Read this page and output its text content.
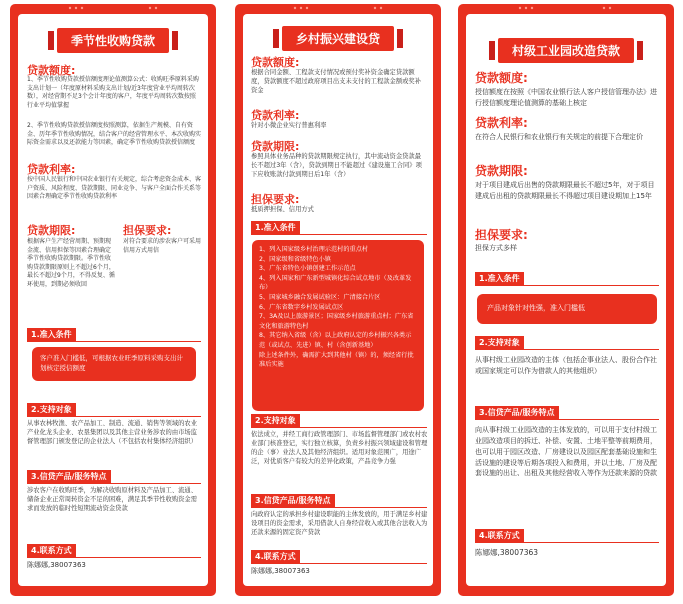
季节性收购贷款
贷款额度:
1、季节性收购贷款授信额度理论值测算公式：收购旺季原料采购支出计划一（年度原材料采购支出计划/近3年度营业平均周转次数），对经营期不足3个会计年度的客户，年度平均周转次数按照行业平均值掌握
2、季节性收购贷款授信额度按照测算，依据生产规模、自有资金、历年季节性收购情况，结合客户的经营管理水平、本次收购实际资金需求以及还款能力等因素，确定季节性收购贷款授信额度
贷款利率:
按中国人民银行和中国农业银行有关规定，综合考虑资金成本、客户资质、风险程度、贷款期限、同业竞争、与客户全面合作关系等因素合理确定季节性收购贷款利率
贷款期限:
根据客户生产经营周期、预期现金流、信用担保等因素合理确定季节性收购贷款期限。季节性收购贷款期限原则上不超过6个月，最长不超过9个月，不得反复、循环使用，到期必须收回
担保要求:
对符合要求的涉农客户可采用信用方式用信
1.准入条件
客户准入门槛低，可根据农业旺季原料采购支出计划核定授信额度
2.支持对象
从事农林牧渔、农产品加工、制造、流通、销售等领域的农业产业化龙头企业、农垦集团以及其他主营业务涉农的由市场监督管理部门颁发登记的企业法人（不包括农村集体经济组织）
3.信贷产品/服务特点
涉农客户在收购旺季，为解决收购原材料及产品加工、流通、储备企业正常周转资金不足的困难，满足其季节性收购资金需求而发放的临时性短期流动资金贷款
4.联系方式
陈娜娜,38007363
乡村振兴建设贷
贷款额度:
根据合同金额、工程款支付情况或预付奖补资金确定贷款额度，贷款额度不超过政府项目出支未支付的工程款金额或奖补资金
贷款利率:
针对小微企业实行普惠利率
贷款期限:
参照具体业务品种的贷款期限规定执行，其中流动资金贷款最长不超过3年（含），贷款到期日不能超过《建设施工合同》项下应收账款付款到期日后1年（含）
担保要求:
抵质押担保、信用方式
1.准入条件
1、列入国家级乡村治理示范村的重点村
2、国家级和省级特色小镇
3、广东省特色小镇创建工作示范点
4、列入国家和广东新型城镇化综合试点地市（及改革发布）
5、国家城乡融合发展试验区：广清接合片区
6、广东省数字乡村发展试点区
7、3A及以上旅游景区；国家级乡村旅游重点村；广东省文化和旅游特色村
8、其它纳入省级（含）以上政府认定的乡村振兴各类示范（或试点、先进）镇、村（含创新基地）
除上述条件外，确需扩大到其他村（镇）的，须经省行批准后实施
2.支持对象
依法成立，并经工商行政管理部门、市场监督管理部门或农村农业部门核准登记，实行独立核算，负责乡村振兴领域建设和管理的企（事）业法人及其他经济组织。适用对象范围广，用途广泛，对优质客户有较大的差异化政策，产品竞争力强
3.信贷产品/服务特点
向政府认定的承担乡村建设职能的主体发放的，用于满足乡村建设项目的资金需求，采用借款人自身经营收入或其他合法收入为还款来源的固定资产贷款
4.联系方式
陈娜娜,38007363
村级工业园改造贷款
贷款额度:
授信额度在按照《中国农业银行法人客户授信管理办法》进行授信额度理论值测算的基础上核定
贷款利率:
在符合人民银行和农业银行有关规定的前提下合理定价
贷款期限:
对于项目建成后出售的贷款期限最长不超过5年，对于项目建成后出租的贷款期限最长不得超过项目建设期加上15年
担保要求:
担保方式多样
1.准入条件
产品对象针对性强，准入门槛低
2.支持对象
从事村级工业园改造的主体（包括企事业法人、股份合作社或国家规定可以作为借款人的其他组织）
3.信贷产品/服务特点
向从事村级工业园改造的主体发放的，可以用于支付村级工业园改造项目的拆迁、补偿、安置、土地平整等前期费用，也可以用于园区改造、厂房建设以及园区配套基础设施和生活设施的建设等后期各项投入和费用，并以土地、厂房及配套设施的出让、出租及其他经营收入等作为还款来源的贷款
4.联系方式
陈娜娜,38007363
